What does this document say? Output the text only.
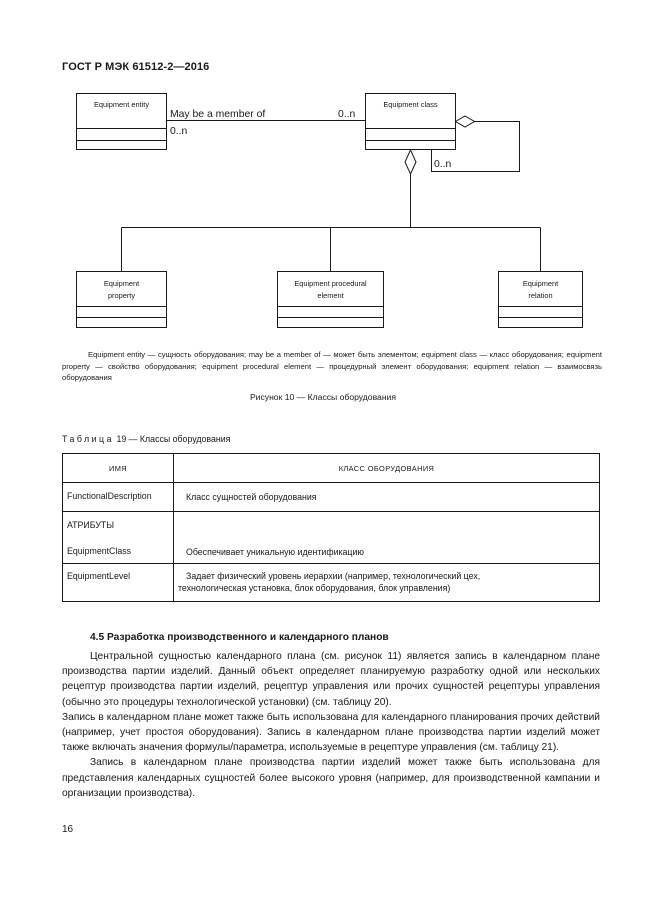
ГОСТ Р МЭК 61512-2—2016
Equipment entity	Equipment class
May be a member of
0..n
0..n
0..n
Equipment
property
Equipment procedural
element
Equipment
relation
Equipment entity — сущность оборудования; may be a member of — может быть элементом; equipment class — класс оборудования; equipment property — свойство оборудования; equipment procedural element — процедурный элемент оборудования; equipment relation — взаимосвязь оборудования
Рисунок 10 — Классы оборудования
Таблица 19 — Классы оборудования
ИМЯ	КЛАСС ОБОРУДОВАНИЯ
FunctionalDescription	Класс сущностей оборудования

АТРИБУТЫ
EquipmentClass	Обеспечивает уникальную идентификацию

EquipmentLevel	Задает физический уровень иерархии (например, технологический цех,
технологическая установка, блок оборудования, блок управления)
4.5 Разработка производственного и календарного планов

Центральной сущностью календарного плана (см. рисунок 11) является запись в календарном плане производства партии изделий. Данный объект определяет планируемую разработку одной или нескольких рецептур производства партии изделий, рецептур управления или прочих сущностей рецептуры управления (обычно это процедуры технологической установки) (см. таблицу 20).

Запись в календарном плане может также быть использована для календарного планирования прочих действий (например, учет простоя оборудования). Запись в календарном плане производства партии изделий может также включать значения формулы/параметра, используемые в рецептуре управления (см. таблицу 21).

Запись в календарном плане производства партии изделий может также быть использована для представления календарных сущностей более высокого уровня (например, для производственной кампании и организации производства).

16
